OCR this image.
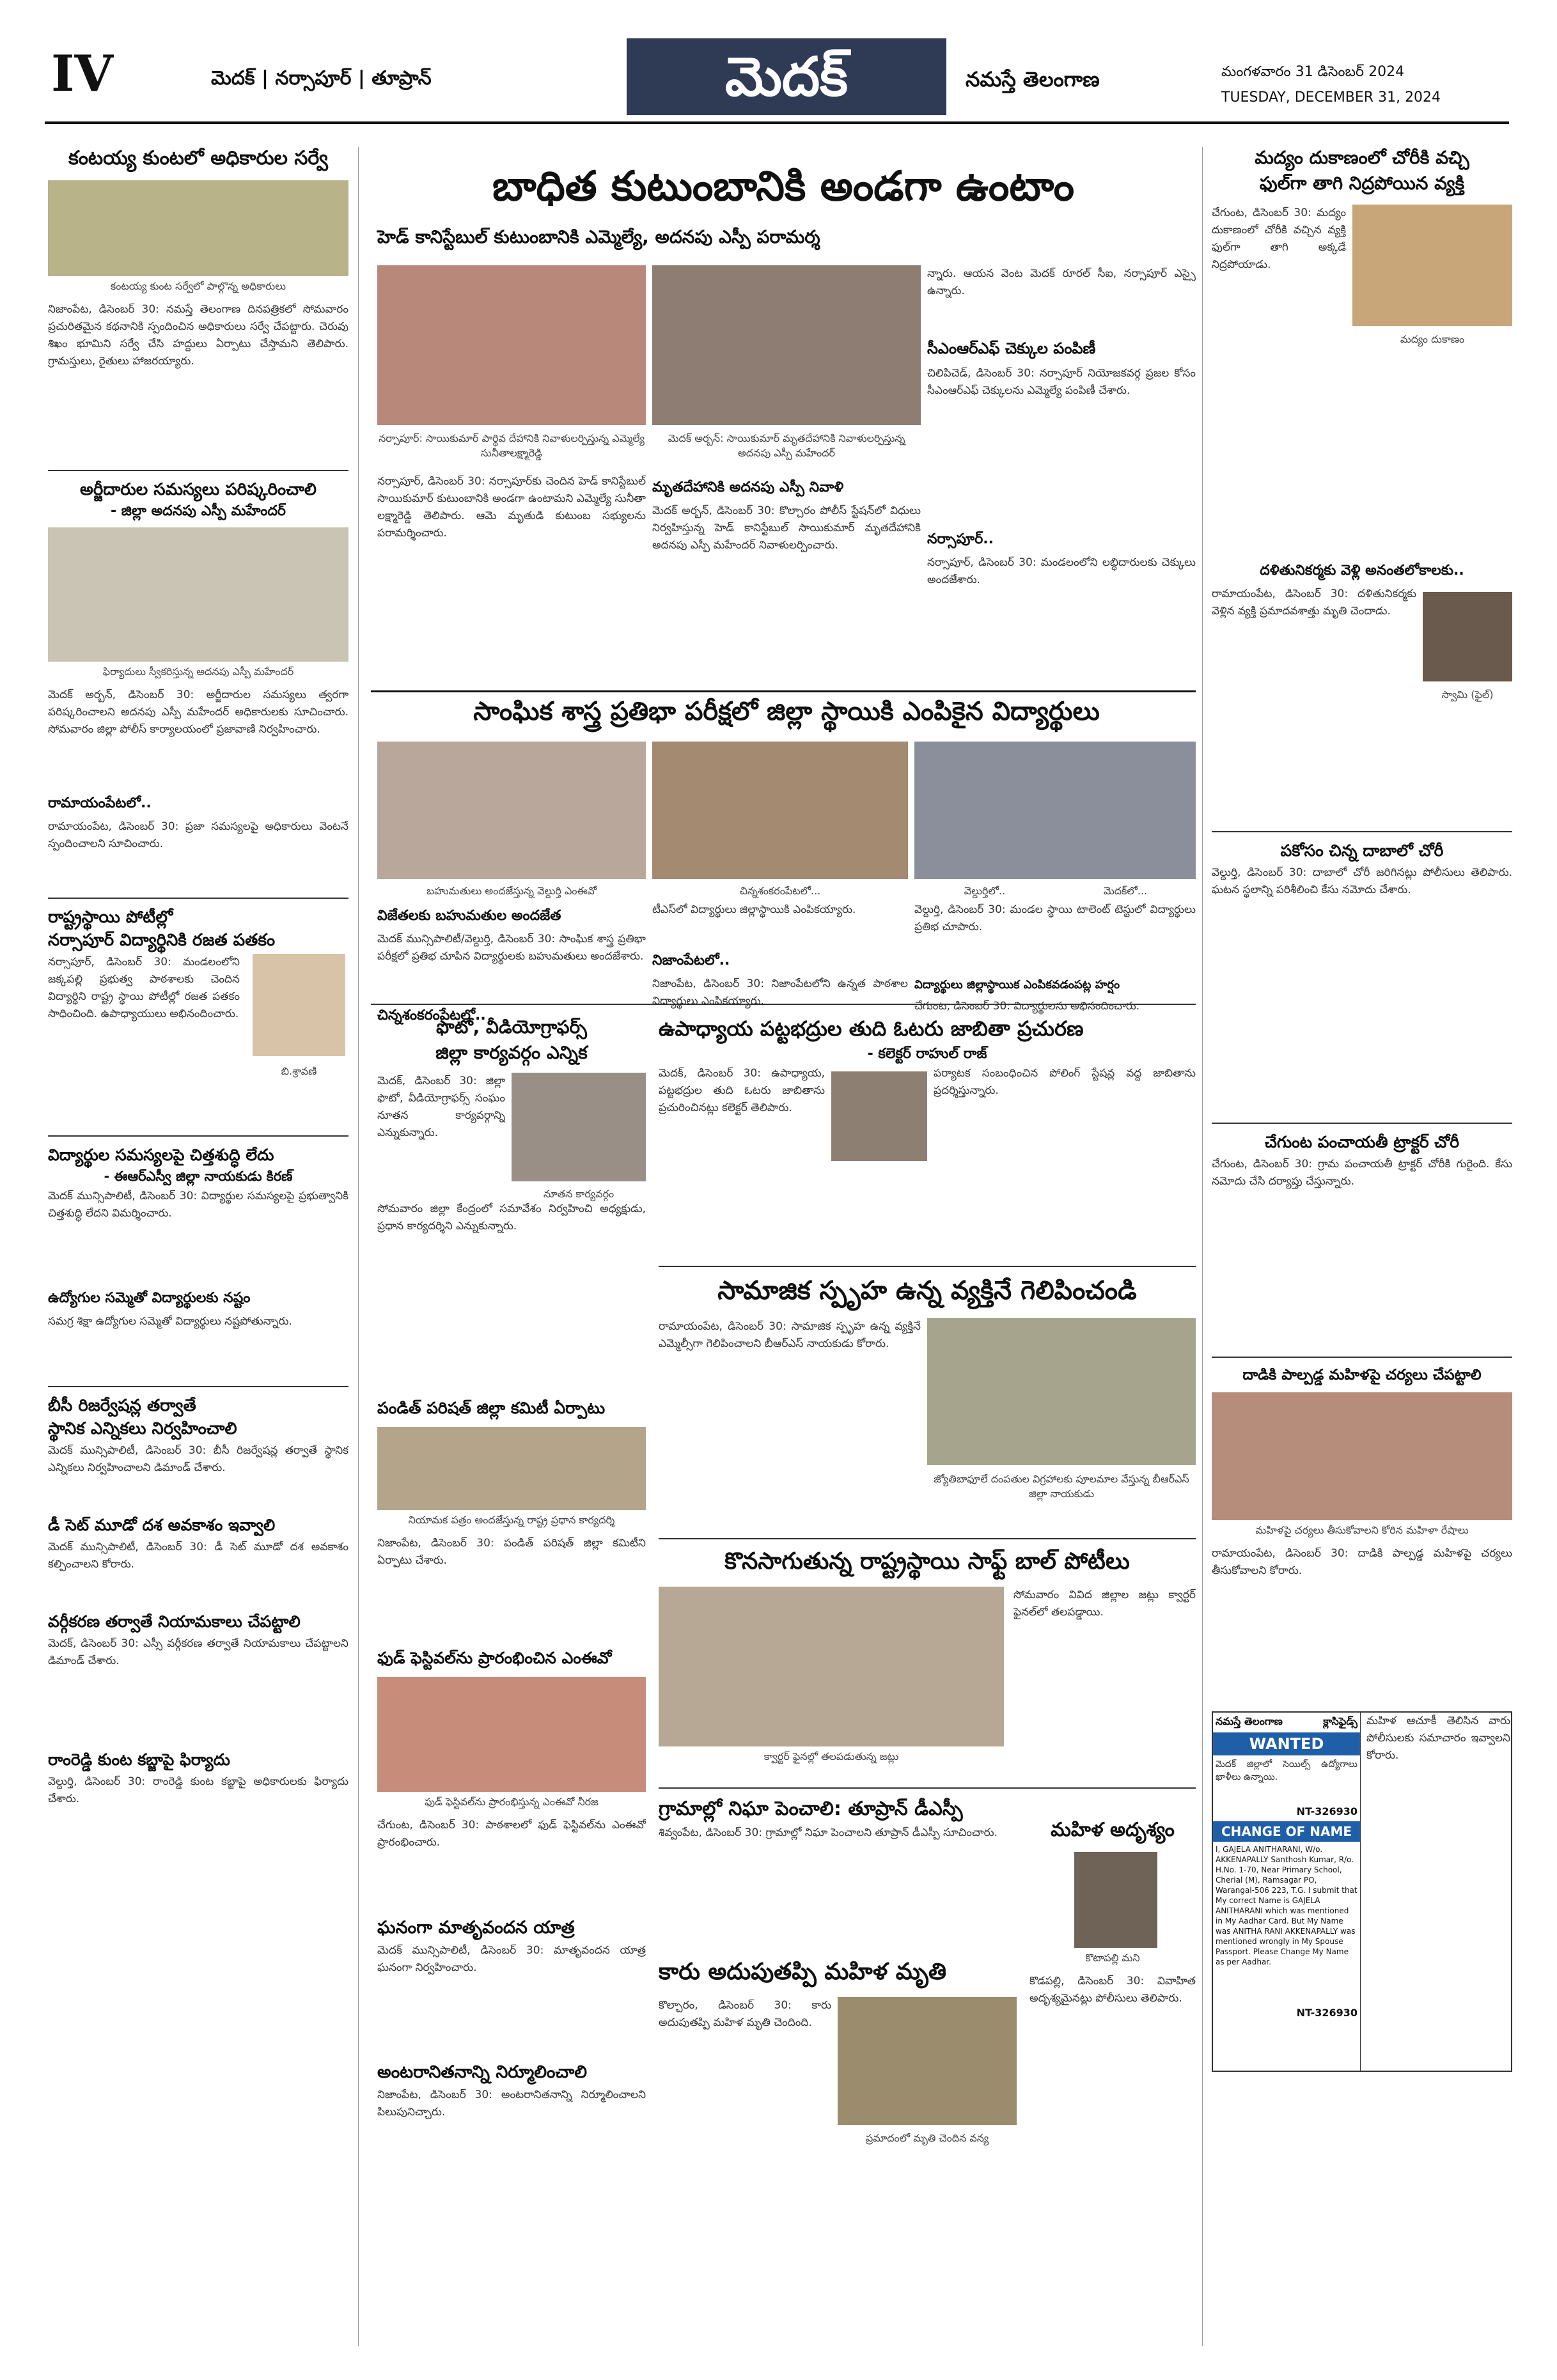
IV	మెదక్ | నర్సాపూర్ | తూప్రాన్	మెదక్	నమస్తే తెలంగాణ	మంగళవారం 31 డిసెంబర్ 2024
TUESDAY, DECEMBER 31, 2024
కంటయ్య కుంటలో అధికారుల సర్వే
కంటయ్య కుంట సర్వేలో పాల్గొన్న అధికారులు
నిజాంపేట, డిసెంబర్ 30: నమస్తే తెలంగాణ దినపత్రికలో సోమవారం ప్రచురితమైన కథనానికి స్పందించిన అధికారులు సర్వే చేపట్టారు. చెరువు శిఖం భూమిని సర్వే చేసి హద్దులు ఏర్పాటు చేస్తామని తెలిపారు. గ్రామస్తులు, రైతులు హాజరయ్యారు.
అర్జీదారుల సమస్యలు పరిష్కరించాలి
- జిల్లా అదనపు ఎస్పీ మహేందర్
ఫిర్యాదులు స్వీకరిస్తున్న అదనపు ఎస్పీ మహేందర్
మెదక్ అర్బన్, డిసెంబర్ 30: అర్జీదారుల సమస్యలు త్వరగా పరిష్కరించాలని అదనపు ఎస్పీ మహేందర్ అధికారులకు సూచించారు. సోమవారం జిల్లా పోలీస్ కార్యాలయంలో ప్రజావాణి నిర్వహించారు.
రామాయంపేటలో..
రామాయంపేట, డిసెంబర్ 30: ప్రజా సమస్యలపై అధికారులు వెంటనే స్పందించాలని సూచించారు.
రాష్ట్రస్థాయి పోటీల్లో
నర్సాపూర్ విద్యార్థినికి రజత పతకం
నర్సాపూర్, డిసెంబర్ 30: మండలంలోని జక్కపల్లి ప్రభుత్వ పాఠశాలకు చెందిన విద్యార్థిని రాష్ట్ర స్థాయి పోటీల్లో రజత పతకం సాధించింది. ఉపాధ్యాయులు అభినందించారు.
బి.శ్రావణి
విద్యార్థుల సమస్యలపై చిత్తశుద్ధి లేదు
- ఈఆర్ఎస్వీ జిల్లా నాయకుడు కిరణ్
మెదక్ మున్సిపాలిటీ, డిసెంబర్ 30: విద్యార్థుల సమస్యలపై ప్రభుత్వానికి చిత్తశుద్ధి లేదని విమర్శించారు.
ఉద్యోగుల సమ్మెతో విద్యార్థులకు నష్టం
సమగ్ర శిక్షా ఉద్యోగుల సమ్మెతో విద్యార్థులు నష్టపోతున్నారు.
బీసీ రిజర్వేషన్ల తర్వాతే
స్థానిక ఎన్నికలు నిర్వహించాలి
మెదక్ మున్సిపాలిటీ, డిసెంబర్ 30: బీసీ రిజర్వేషన్ల తర్వాతే స్థానిక ఎన్నికలు నిర్వహించాలని డిమాండ్ చేశారు.
డీ సెట్ మూడో దశ అవకాశం ఇవ్వాలి
మెదక్ మున్సిపాలిటీ, డిసెంబర్ 30: డీ సెట్ మూడో దశ అవకాశం కల్పించాలని కోరారు.
వర్గీకరణ తర్వాతే నియామకాలు చేపట్టాలి
మెదక్, డిసెంబర్ 30: ఎస్సీ వర్గీకరణ తర్వాతే నియామకాలు చేపట్టాలని డిమాండ్ చేశారు.
రాంరెడ్డి కుంట కబ్జాపై ఫిర్యాదు
వెల్దుర్తి, డిసెంబర్ 30: రాంరెడ్డి కుంట కబ్జాపై అధికారులకు ఫిర్యాదు చేశారు.
బాధిత కుటుంబానికి అండగా ఉంటాం
హెడ్ కానిస్టేబుల్ కుటుంబానికి ఎమ్మెల్యే, అదనపు ఎస్పీ పరామర్శ
నర్సాపూర్: సాయికుమార్ పార్థివ దేహానికి నివాళులర్పిస్తున్న ఎమ్మెల్యే సునీతాలక్ష్మారెడ్డి
మెదక్ అర్బన్: సాయికుమార్ మృతదేహానికి నివాళులర్పిస్తున్న అదనపు ఎస్పీ మహేందర్
నర్సాపూర్, డిసెంబర్ 30: నర్సాపూర్‌కు చెందిన హెడ్ కానిస్టేబుల్ సాయికుమార్ కుటుంబానికి అండగా ఉంటామని ఎమ్మెల్యే సునీతా లక్ష్మారెడ్డి తెలిపారు. ఆమె మృతుడి కుటుంబ సభ్యులను పరామర్శించారు.
మృతదేహానికి అదనపు ఎస్పీ నివాళి
మెదక్ అర్బన్, డిసెంబర్ 30: కొల్చారం పోలీస్ స్టేషన్‌లో విధులు నిర్వహిస్తున్న హెడ్ కానిస్టేబుల్ సాయికుమార్ మృతదేహానికి అదనపు ఎస్పీ మహేందర్ నివాళులర్పించారు.
న్నారు. ఆయన వెంట మెదక్ రూరల్ సీఐ, నర్సాపూర్ ఎస్సై ఉన్నారు.
సీఎంఆర్ఎఫ్ చెక్కుల పంపిణీ
చిలిపిచెడ్, డిసెంబర్ 30: నర్సాపూర్ నియోజకవర్గ ప్రజల కోసం సీఎంఆర్ఎఫ్ చెక్కులను ఎమ్మెల్యే పంపిణీ చేశారు.
నర్సాపూర్..
నర్సాపూర్, డిసెంబర్ 30: మండలంలోని లబ్ధిదారులకు చెక్కులు అందజేశారు.
సాంఘిక శాస్త్ర ప్రతిభా పరీక్షలో జిల్లా స్థాయికి ఎంపికైన విద్యార్థులు
బహుమతులు అందజేస్తున్న వెల్దుర్తి ఎంఈవో	చిన్నశంకరంపేటలో...	వెల్దుర్తిలో..	మెదక్‌లో...
విజేతలకు బహుమతుల అందజేత
మెదక్ మున్సిపాలిటీ/వెల్దుర్తి, డిసెంబర్ 30: సాంఘిక శాస్త్ర ప్రతిభా పరీక్షలో ప్రతిభ చూపిన విద్యార్థులకు బహుమతులు అందజేశారు.
చిన్నశంకరంపేటలో..
టీఎస్‌లో విద్యార్థులు జిల్లాస్థాయికి ఎంపికయ్యారు.
నిజాంపేటలో..
నిజాంపేట, డిసెంబర్ 30: నిజాంపేటలోని ఉన్నత పాఠశాల విద్యార్థులు ఎంపికయ్యారు.
వెల్దుర్తి, డిసెంబర్ 30: మండల స్థాయి టాలెంట్ టెస్టులో విద్యార్థులు ప్రతిభ చూపారు.
విద్యార్థులు జిల్లాస్థాయిక ఎంపికవడంపట్ల హర్షం
చేగుంట, డిసెంబర్ 30: విద్యార్థులను అభినందించారు.
ఫొటో, వీడియోగ్రాఫర్స్
జిల్లా కార్యవర్గం ఎన్నిక
మెదక్, డిసెంబర్ 30: జిల్లా ఫొటో, వీడియోగ్రాఫర్స్ సంఘం నూతన కార్యవర్గాన్ని ఎన్నుకున్నారు.
నూతన కార్యవర్గం
సోమవారం జిల్లా కేంద్రంలో సమావేశం నిర్వహించి అధ్యక్షుడు, ప్రధాన కార్యదర్శిని ఎన్నుకున్నారు.
పండిత్ పరిషత్ జిల్లా కమిటీ ఏర్పాటు
నియామక పత్రం అందజేస్తున్న రాష్ట్ర ప్రధాన కార్యదర్శి
నిజాంపేట, డిసెంబర్ 30: పండిత్ పరిషత్ జిల్లా కమిటీని ఏర్పాటు చేశారు.
ఫుడ్ ఫెస్టివల్‌ను ప్రారంభించిన ఎంఈవో
ఫుడ్ ఫెస్టివల్‌ను ప్రారంభిస్తున్న ఎంఈవో నీరజ
చేగుంట, డిసెంబర్ 30: పాఠశాలలో ఫుడ్ ఫెస్టివల్‌ను ఎంఈవో ప్రారంభించారు.
ఘనంగా మాతృవందన యాత్ర
మెదక్ మున్సిపాలిటీ, డిసెంబర్ 30: మాతృవందన యాత్ర ఘనంగా నిర్వహించారు.
అంటరానితనాన్ని నిర్మూలించాలి
నిజాంపేట, డిసెంబర్ 30: అంటరానితనాన్ని నిర్మూలించాలని పిలుపునిచ్చారు.
ఉపాధ్యాయ పట్టభద్రుల తుది ఓటరు జాబితా ప్రచురణ
- కలెక్టర్ రాహుల్ రాజ్
మెదక్, డిసెంబర్ 30: ఉపాధ్యాయ, పట్టభద్రుల తుది ఓటరు జాబితాను ప్రచురించినట్లు కలెక్టర్ తెలిపారు.
పర్యాటక సంబంధించిన పోలింగ్ స్టేషన్ల వద్ద జాబితాను ప్రదర్శిస్తున్నారు.
సామాజిక స్పృహ ఉన్న వ్యక్తినే గెలిపించండి
రామాయంపేట, డిసెంబర్ 30: సామాజిక స్పృహ ఉన్న వ్యక్తినే ఎమ్మెల్సీగా గెలిపించాలని బీఆర్ఎస్ నాయకుడు కోరారు.
జ్యోతిబాఫూలే దంపతుల విగ్రహాలకు పూలమాల వేస్తున్న బీఆర్ఎస్ జిల్లా నాయకుడు
కొనసాగుతున్న రాష్ట్రస్థాయి సాఫ్ట్ బాల్ పోటీలు
క్వార్టర్ ఫైనల్లో తలపడుతున్న జట్లు
సోమవారం వివిద జిల్లాల జట్లు క్వార్టర్ ఫైనల్‌లో తలపడ్డాయి.
గ్రామాల్లో నిఘా పెంచాలి: తూప్రాన్ డీఎస్పీ
శివ్వంపేట, డిసెంబర్ 30: గ్రామాల్లో నిఘా పెంచాలని తూప్రాన్ డీఎస్పీ సూచించారు.
కారు అదుపుతప్పి మహిళ మృతి
కొల్చారం, డిసెంబర్ 30: కారు అదుపుతప్పి మహిళ మృతి చెందింది.
ప్రమాదంలో మృతి చెందిన వన్య
మహిళ అదృశ్యం
కొటాపల్లి మని
కొడపల్లి, డిసెంబర్ 30: వివాహిత అదృశ్యమైనట్లు పోలీసులు తెలిపారు.
మద్యం దుకాణంలో చోరీకి వచ్చి
ఫుల్‌గా తాగి నిద్రపోయిన వ్యక్తి
చేగుంట, డిసెంబర్ 30: మద్యం దుకాణంలో చోరీకి వచ్చిన వ్యక్తి ఫుల్‌గా తాగి అక్కడే నిద్రపోయాడు.
మద్యం దుకాణం
దళితునికర్మకు వెళ్లి అనంతలోకాలకు..
రామాయంపేట, డిసెంబర్ 30: దళితునికర్మకు వెళ్లిన వ్యక్తి ప్రమాదవశాత్తు మృతి చెందాడు.
స్వామి (ఫైల్)
పకోసం చిన్న దాబాలో చోరీ
వెల్దుర్తి, డిసెంబర్ 30: దాబాలో చోరీ జరిగినట్లు పోలీసులు తెలిపారు. ఘటన స్థలాన్ని పరిశీలించి కేసు నమోదు చేశారు.
చేగుంట పంచాయతీ ట్రాక్టర్ చోరీ
చేగుంట, డిసెంబర్ 30: గ్రామ పంచాయతీ ట్రాక్టర్ చోరీకి గురైంది. కేసు నమోదు చేసి దర్యాప్తు చేస్తున్నారు.
దాడికి పాల్పడ్డ మహిళపై చర్యలు చేపట్టాలి
మహిళపై చర్యలు తీసుకోవాలని కోరిన మహిళా రేషాలు
రామాయంపేట, డిసెంబర్ 30: దాడికి పాల్పడ్డ మహిళపై చర్యలు తీసుకోవాలని కోరారు.
నమస్తే తెలంగాణ	క్లాసిఫైడ్స్
WANTED
మెదక్ జిల్లాలో సెయిల్స్ ఉద్యోగాలు ఖాళీలు ఉన్నాయి.
NT-326930
CHANGE OF NAME
I, GAJELA ANITHARANI, W/o. AKKENAPALLY Santhosh Kumar, R/o. H.No. 1-70, Near Primary School, Cherial (M), Ramsagar PO, Warangal-506 223, T.G. I submit that My correct Name is GAJELA ANITHARANI which was mentioned in My Aadhar Card. But My Name was ANITHA RANI AKKENAPALLY was mentioned wrongly in My Spouse Passport. Please Change My Name as per Aadhar.
NT-326930
మహిళ ఆచూకీ తెలిసిన వారు పోలీసులకు సమాచారం ఇవ్వాలని కోరారు.
